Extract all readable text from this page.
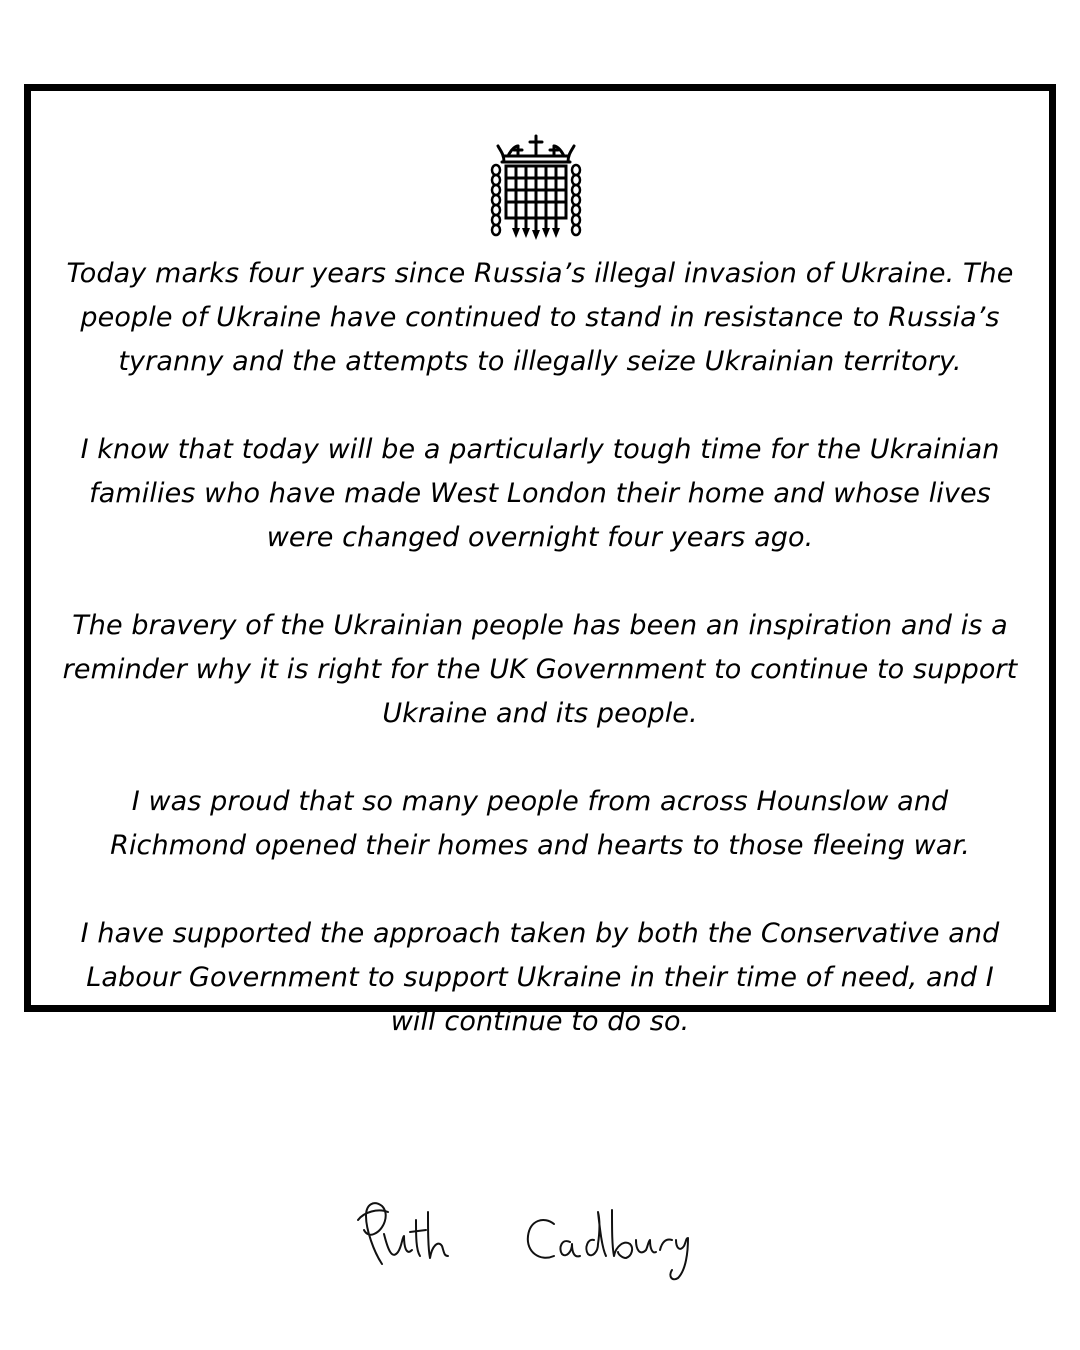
Today marks four years since Russia’s illegal invasion of Ukraine. The people of Ukraine have continued to stand in resistance to Russia’s tyranny and the attempts to illegally seize Ukrainian territory.

I know that today will be a particularly tough time for the Ukrainian families who have made West London their home and whose lives were changed overnight four years ago.

The bravery of the Ukrainian people has been an inspiration and is a reminder why it is right for the UK Government to continue to support Ukraine and its people.

I was proud that so many people from across Hounslow and Richmond opened their homes and hearts to those fleeing war.

I have supported the approach taken by both the Conservative and Labour Government to support Ukraine in their time of need, and I will continue to do so.
